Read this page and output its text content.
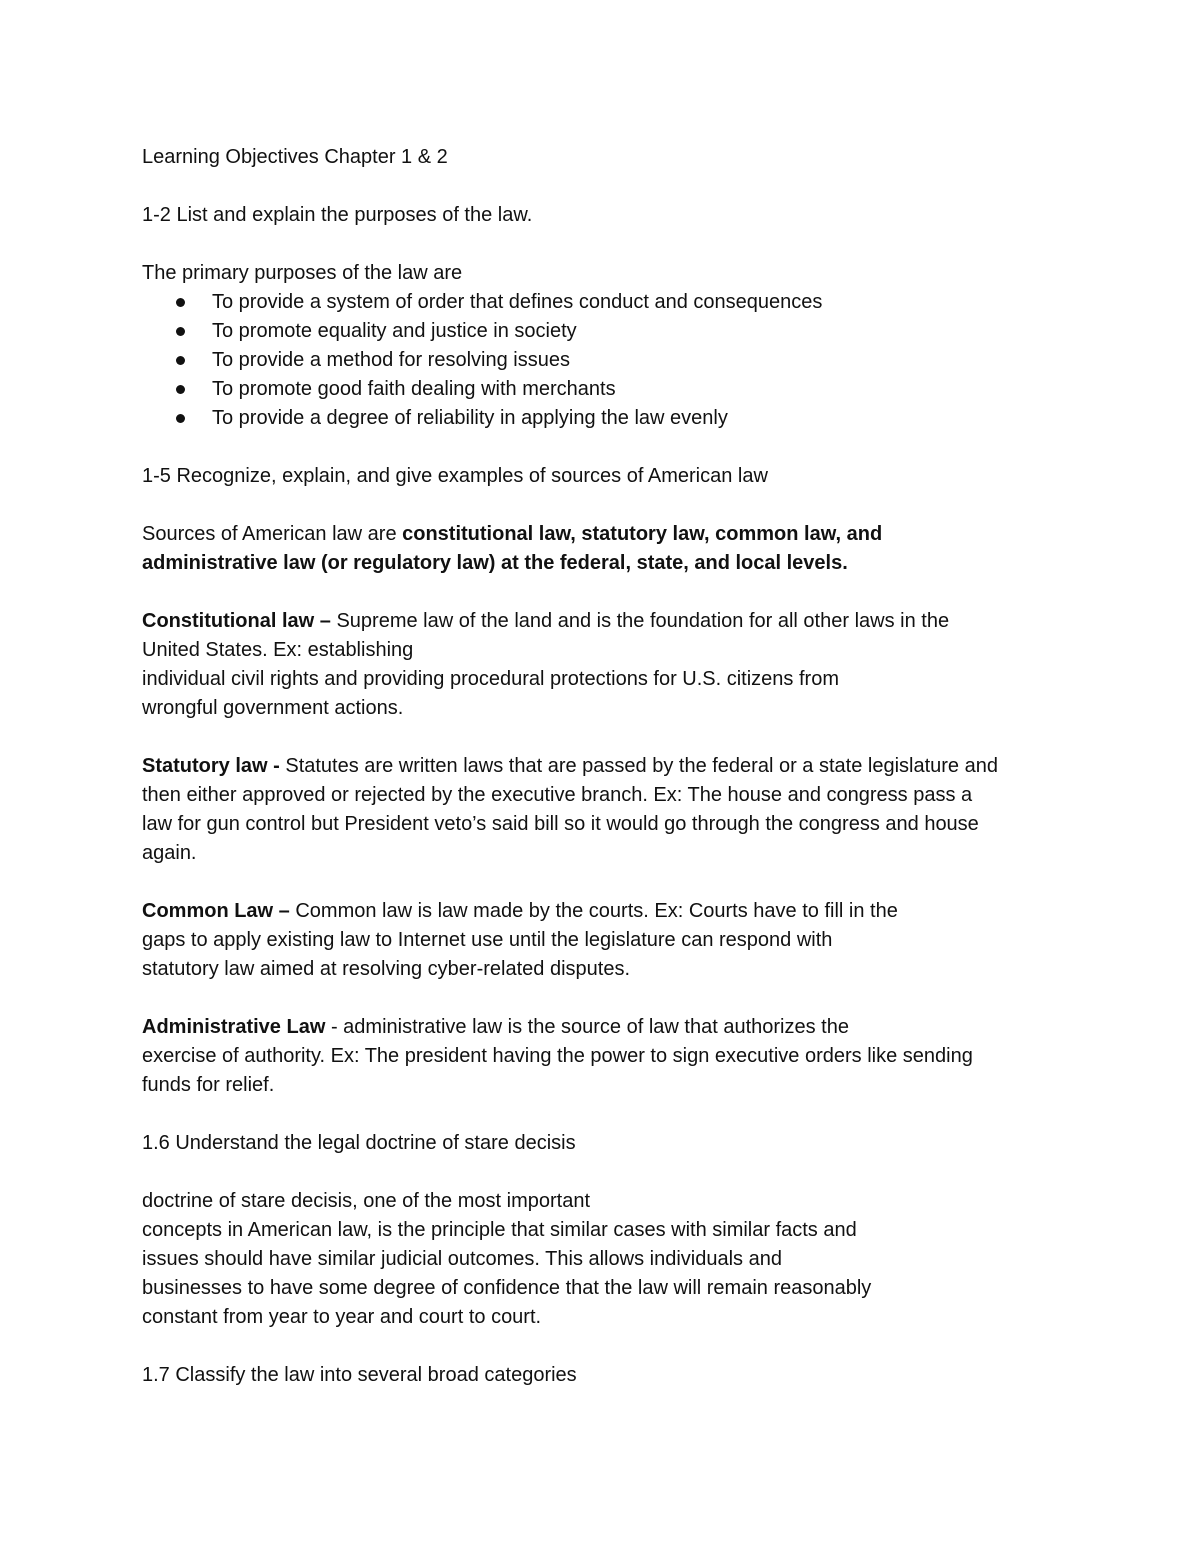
Learning Objectives Chapter 1 & 2
1-2 List and explain the purposes of the law.
The primary purposes of the law are
To provide a system of order that defines conduct and consequences
To promote equality and justice in society
To provide a method for resolving issues
To promote good faith dealing with merchants
To provide a degree of reliability in applying the law evenly
1-5 Recognize, explain, and give examples of sources of American law
Sources of American law are constitutional law, statutory law, common law, and
administrative law (or regulatory law) at the federal, state, and local levels.
Constitutional law – Supreme law of the land and is the foundation for all other laws in the
United States. Ex: establishing
individual civil rights and providing procedural protections for U.S. citizens from
wrongful government actions.
Statutory law - Statutes are written laws that are passed by the federal or a state legislature and
then either approved or rejected by the executive branch. Ex: The house and congress pass a
law for gun control but President veto’s said bill so it would go through the congress and house
again.
Common Law – Common law is law made by the courts. Ex: Courts have to fill in the
gaps to apply existing law to Internet use until the legislature can respond with
statutory law aimed at resolving cyber-related disputes.
Administrative Law - administrative law is the source of law that authorizes the
exercise of authority. Ex: The president having the power to sign executive orders like sending
funds for relief.
1.6 Understand the legal doctrine of stare decisis
doctrine of stare decisis, one of the most important
concepts in American law, is the principle that similar cases with similar facts and
issues should have similar judicial outcomes. This allows individuals and
businesses to have some degree of confidence that the law will remain reasonably
constant from year to year and court to court.
1.7 Classify the law into several broad categories
